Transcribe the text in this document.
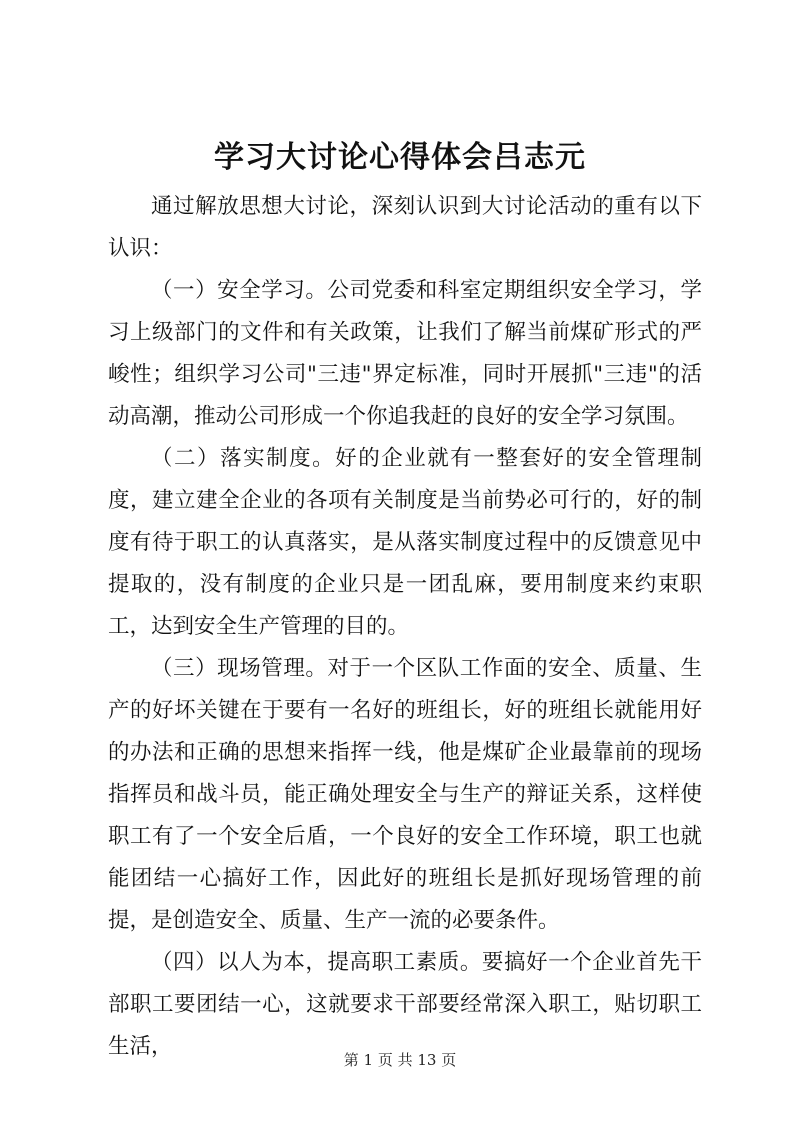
学习大讨论心得体会吕志元

通过解放思想大讨论，深刻认识到大讨论活动的重有以下认识：

（一）安全学习。公司党委和科室定期组织安全学习，学习上级部门的文件和有关政策，让我们了解当前煤矿形式的严峻性；组织学习公司"三违"界定标准，同时开展抓"三违"的活动高潮，推动公司形成一个你追我赶的良好的安全学习氛围。

（二）落实制度。好的企业就有一整套好的安全管理制度，建立建全企业的各项有关制度是当前势必可行的，好的制度有待于职工的认真落实，是从落实制度过程中的反馈意见中提取的，没有制度的企业只是一团乱麻，要用制度来约束职工，达到安全生产管理的目的。

（三）现场管理。对于一个区队工作面的安全、质量、生产的好坏关键在于要有一名好的班组长，好的班组长就能用好的办法和正确的思想来指挥一线，他是煤矿企业最靠前的现场指挥员和战斗员，能正确处理安全与生产的辩证关系，这样使职工有了一个安全后盾，一个良好的安全工作环境，职工也就能团结一心搞好工作，因此好的班组长是抓好现场管理的前提，是创造安全、质量、生产一流的必要条件。

（四）以人为本，提高职工素质。要搞好一个企业首先干部职工要团结一心，这就要求干部要经常深入职工，贴切职工生活，

第 1 页 共 13 页
